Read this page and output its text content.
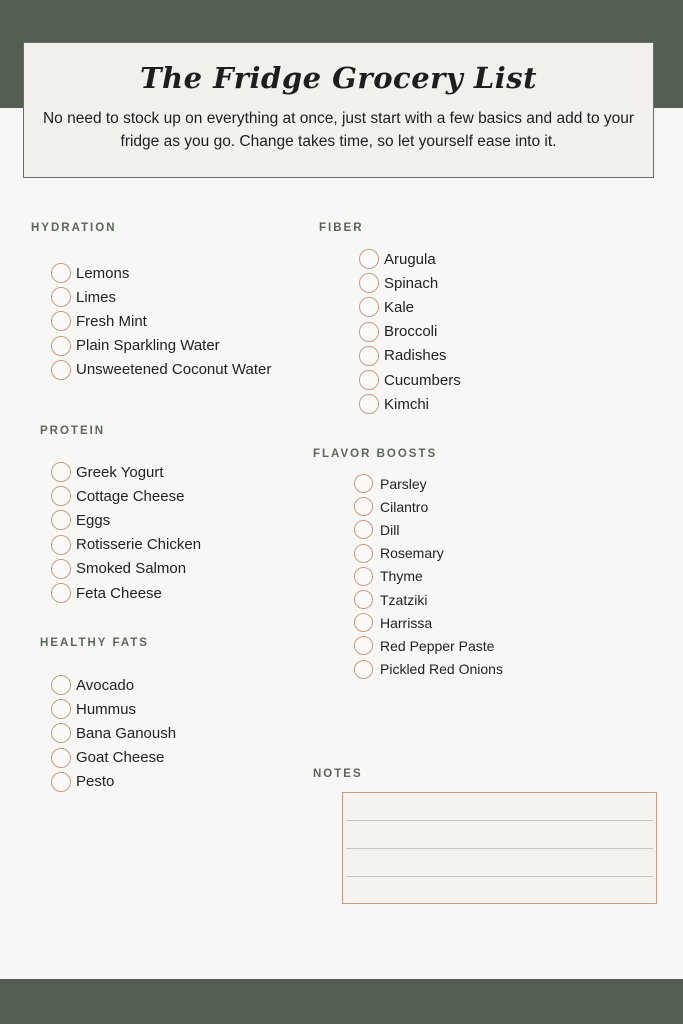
The Fridge Grocery List

No need to stock up on everything at once, just start with a few basics and add to your fridge as you go. Change takes time, so let yourself ease into it.

HYDRATION
Lemons
Limes
Fresh Mint
Plain Sparkling Water
Unsweetened Coconut Water
PROTEIN
Greek Yogurt
Cottage Cheese
Eggs
Rotisserie Chicken
Smoked Salmon
Feta Cheese
HEALTHY FATS
Avocado
Hummus
Bana Ganoush
Goat Cheese
Pesto
FIBER
Arugula
Spinach
Kale
Broccoli
Radishes
Cucumbers
Kimchi
FLAVOR BOOSTS
Parsley
Cilantro
Dill
Rosemary
Thyme
Tzatziki
Harrissa
Red Pepper Paste
Pickled Red Onions
NOTES
